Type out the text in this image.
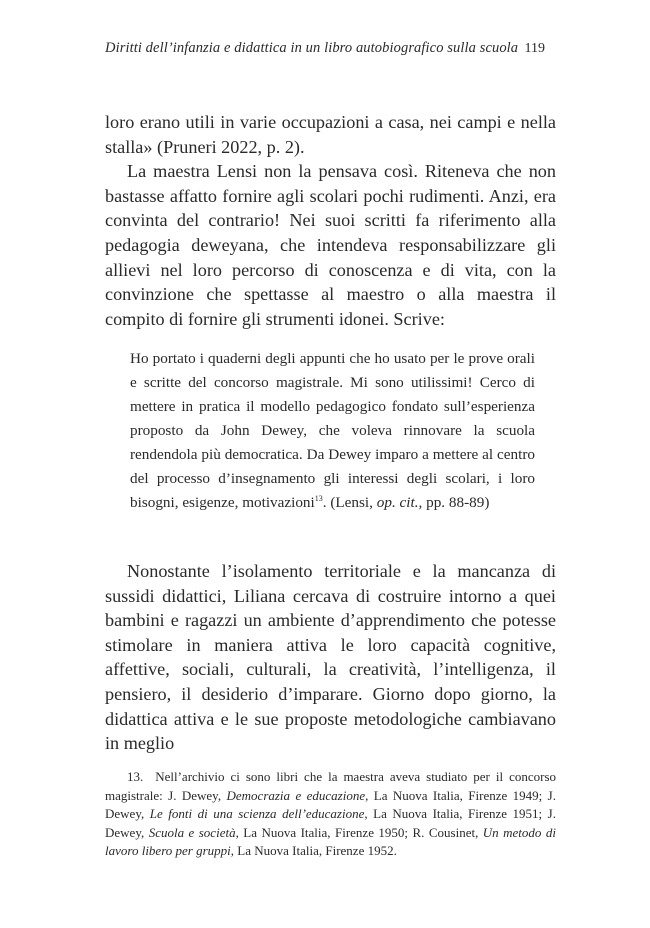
Diritti dell’infanzia e didattica in un libro autobiografico sulla scuola 119

loro erano utili in varie occupazioni a casa, nei campi e nella stalla» (Pruneri 2022, p. 2).

La maestra Lensi non la pensava così. Riteneva che non bastasse affatto fornire agli scolari pochi rudimenti. Anzi, era convinta del contrario! Nei suoi scritti fa riferimento alla pedagogia deweyana, che intendeva responsabilizzare gli allievi nel loro percorso di conoscenza e di vita, con la convinzione che spettasse al maestro o alla maestra il compito di fornire gli strumenti idonei. Scrive:

Ho portato i quaderni degli appunti che ho usato per le prove orali e scritte del concorso magistrale. Mi sono utilissimi! Cerco di mettere in pratica il modello pedagogico fondato sull’esperienza proposto da John Dewey, che voleva rinnovare la scuola rendendola più democratica. Da Dewey imparo a mettere al centro del processo d’insegnamento gli interessi degli scolari, i loro bisogni, esigenze, motivazioni$^{13}$. (Lensi, op. cit., pp. 88-89)

Nonostante l’isolamento territoriale e la mancanza di sussidi didattici, Liliana cercava di costruire intorno a quei bambini e ragazzi un ambiente d’apprendimento che potesse stimolare in maniera attiva le loro capacità cognitive, affettive, sociali, culturali, la creatività, l’intelligenza, il pensiero, il desiderio d’imparare. Giorno dopo giorno, la didattica attiva e le sue proposte metodologiche cambiavano in meglio

13. Nell’archivio ci sono libri che la maestra aveva studiato per il concorso magistrale: J. Dewey, Democrazia e educazione, La Nuova Italia, Firenze 1949; J. Dewey, Le fonti di una scienza dell’educazione, La Nuova Italia, Firenze 1951; J. Dewey, Scuola e società, La Nuova Italia, Firenze 1950; R. Cousinet, Un metodo di lavoro libero per gruppi, La Nuova Italia, Firenze 1952.
